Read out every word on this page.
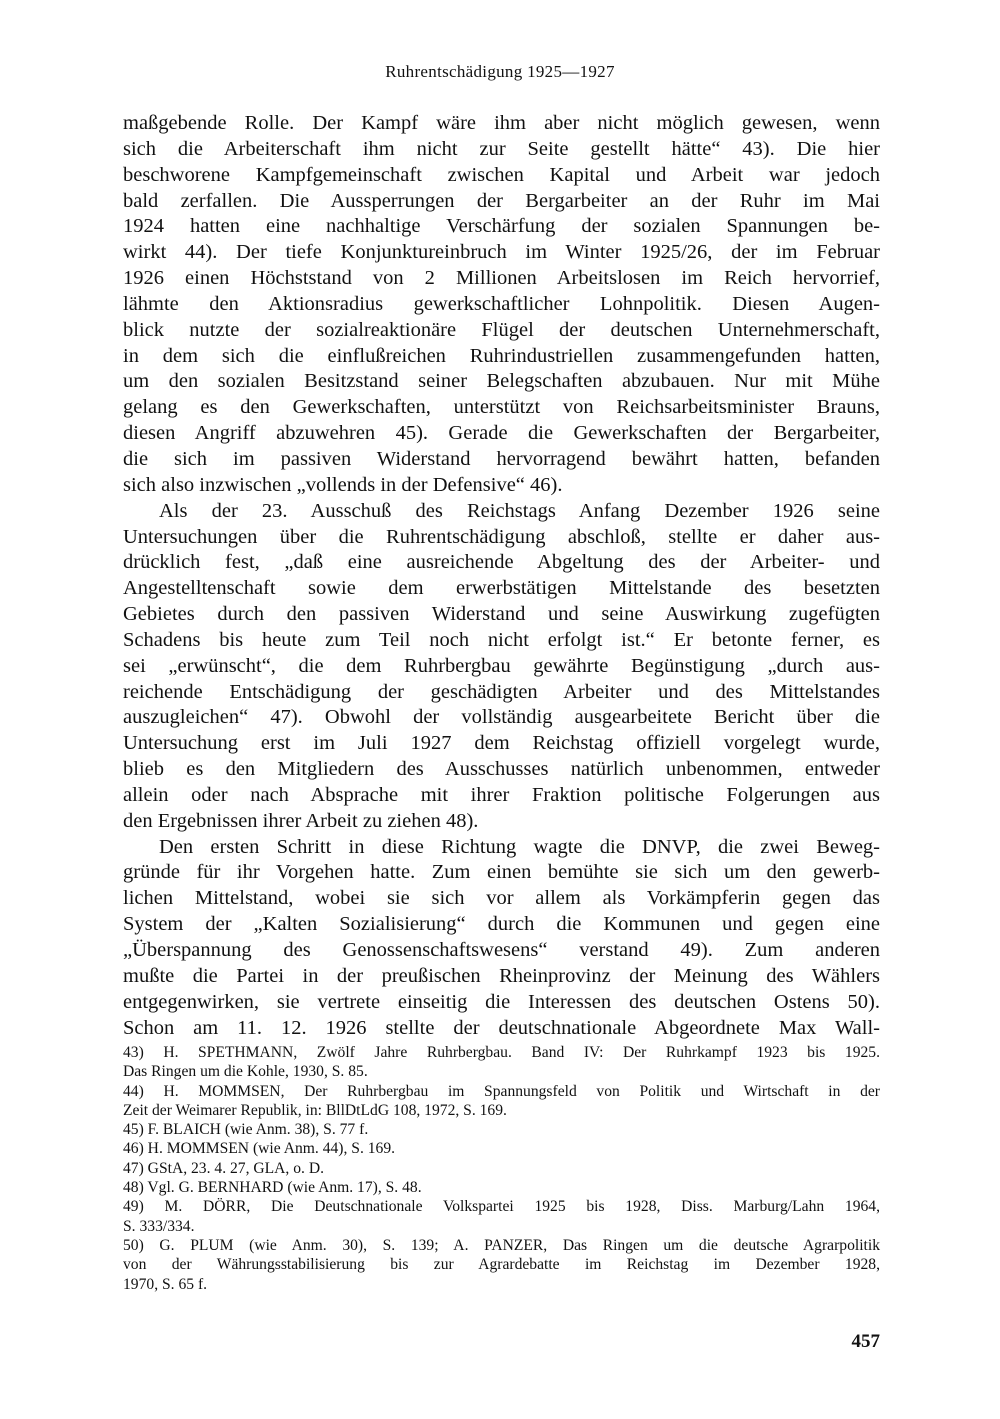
Ruhrentschädigung 1925—1927
maßgebende Rolle. Der Kampf wäre ihm aber nicht möglich gewesen, wenn
sich die Arbeiterschaft ihm nicht zur Seite gestellt hätte“ 43). Die hier
beschworene Kampfgemeinschaft zwischen Kapital und Arbeit war jedoch
bald zerfallen. Die Aussperrungen der Bergarbeiter an der Ruhr im Mai
1924 hatten eine nachhaltige Verschärfung der sozialen Spannungen be-
wirkt 44). Der tiefe Konjunktureinbruch im Winter 1925/26, der im Februar
1926 einen Höchststand von 2 Millionen Arbeitslosen im Reich hervorrief,
lähmte den Aktionsradius gewerkschaftlicher Lohnpolitik. Diesen Augen-
blick nutzte der sozialreaktionäre Flügel der deutschen Unternehmerschaft,
in dem sich die einflußreichen Ruhrindustriellen zusammengefunden hatten,
um den sozialen Besitzstand seiner Belegschaften abzubauen. Nur mit Mühe
gelang es den Gewerkschaften, unterstützt von Reichsarbeitsminister Brauns,
diesen Angriff abzuwehren 45). Gerade die Gewerkschaften der Bergarbeiter,
die sich im passiven Widerstand hervorragend bewährt hatten, befanden
sich also inzwischen „vollends in der Defensive“ 46).
Als der 23. Ausschuß des Reichstags Anfang Dezember 1926 seine
Untersuchungen über die Ruhrentschädigung abschloß, stellte er daher aus-
drücklich fest, „daß eine ausreichende Abgeltung des der Arbeiter- und
Angestelltenschaft sowie dem erwerbstätigen Mittelstande des besetzten
Gebietes durch den passiven Widerstand und seine Auswirkung zugefügten
Schadens bis heute zum Teil noch nicht erfolgt ist.“ Er betonte ferner, es
sei „erwünscht“, die dem Ruhrbergbau gewährte Begünstigung „durch aus-
reichende Entschädigung der geschädigten Arbeiter und des Mittelstandes
auszugleichen“ 47). Obwohl der vollständig ausgearbeitete Bericht über die
Untersuchung erst im Juli 1927 dem Reichstag offiziell vorgelegt wurde,
blieb es den Mitgliedern des Ausschusses natürlich unbenommen, entweder
allein oder nach Absprache mit ihrer Fraktion politische Folgerungen aus
den Ergebnissen ihrer Arbeit zu ziehen 48).
Den ersten Schritt in diese Richtung wagte die DNVP, die zwei Beweg-
gründe für ihr Vorgehen hatte. Zum einen bemühte sie sich um den gewerb-
lichen Mittelstand, wobei sie sich vor allem als Vorkämpferin gegen das
System der „Kalten Sozialisierung“ durch die Kommunen und gegen eine
„Überspannung des Genossenschaftswesens“ verstand 49). Zum anderen
mußte die Partei in der preußischen Rheinprovinz der Meinung des Wählers
entgegenwirken, sie vertrete einseitig die Interessen des deutschen Ostens 50).
Schon am 11. 12. 1926 stellte der deutschnationale Abgeordnete Max Wall-
43) H. SPETHMANN, Zwölf Jahre Ruhrbergbau. Band IV: Der Ruhrkampf 1923 bis 1925.
Das Ringen um die Kohle, 1930, S. 85.
44) H. MOMMSEN, Der Ruhrbergbau im Spannungsfeld von Politik und Wirtschaft in der
Zeit der Weimarer Republik, in: BllDtLdG 108, 1972, S. 169.
45) F. BLAICH (wie Anm. 38), S. 77 f.
46) H. MOMMSEN (wie Anm. 44), S. 169.
47) GStA, 23. 4. 27, GLA, o. D.
48) Vgl. G. BERNHARD (wie Anm. 17), S. 48.
49) M. DÖRR, Die Deutschnationale Volkspartei 1925 bis 1928, Diss. Marburg/Lahn 1964,
S. 333/334.
50) G. PLUM (wie Anm. 30), S. 139; A. PANZER, Das Ringen um die deutsche Agrarpolitik
von der Währungsstabilisierung bis zur Agrardebatte im Reichstag im Dezember 1928,
1970, S. 65 f.
457
